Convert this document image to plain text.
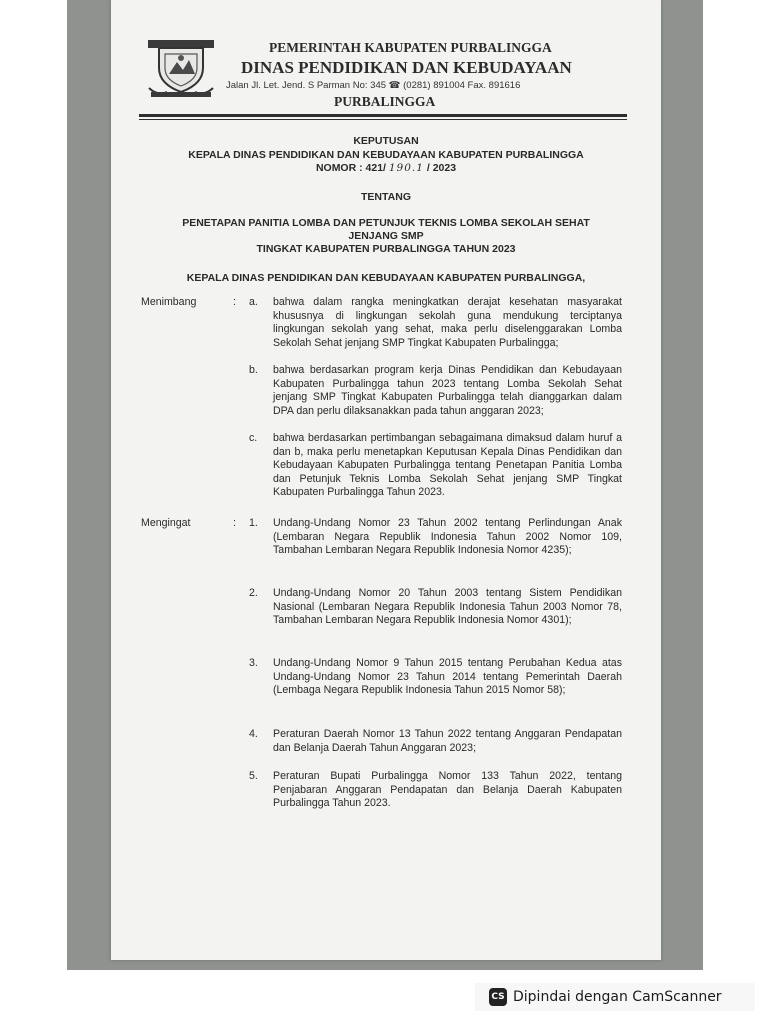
PEMERINTAH KABUPATEN PURBALINGGA
DINAS PENDIDIKAN DAN KEBUDAYAAN
Jalan Jl. Let. Jend. S Parman No: 345 ☎ (0281) 891004 Fax. 891616
PURBALINGGA
KEPUTUSAN
KEPALA DINAS PENDIDIKAN DAN KEBUDAYAAN KABUPATEN PURBALINGGA
NOMOR : 421/ 190.1 / 2023
TENTANG
PENETAPAN PANITIA LOMBA DAN PETUNJUK TEKNIS LOMBA SEKOLAH SEHAT
JENJANG SMP
TINGKAT KABUPATEN PURBALINGGA TAHUN 2023
KEPALA DINAS PENDIDIKAN DAN KEBUDAYAAN KABUPATEN PURBALINGGA,
Menimbang	: a. bahwa dalam rangka meningkatkan derajat kesehatan masyarakat khususnya di lingkungan sekolah guna mendukung terciptanya lingkungan sekolah yang sehat, maka perlu diselenggarakan Lomba Sekolah Sehat jenjang SMP Tingkat Kabupaten Purbalingga;
b. bahwa berdasarkan program kerja Dinas Pendidikan dan Kebudayaan Kabupaten Purbalingga tahun 2023 tentang Lomba Sekolah Sehat jenjang SMP Tingkat Kabupaten Purbalingga telah dianggarkan dalam DPA dan perlu dilaksanakkan pada tahun anggaran 2023;
c. bahwa berdasarkan pertimbangan sebagaimana dimaksud dalam huruf a dan b, maka perlu menetapkan Keputusan Kepala Dinas Pendidikan dan Kebudayaan Kabupaten Purbalingga tentang Penetapan Panitia Lomba dan Petunjuk Teknis Lomba Sekolah Sehat jenjang SMP Tingkat Kabupaten Purbalingga Tahun 2023.
Mengingat	: 1. Undang-Undang Nomor 23 Tahun 2002 tentang Perlindungan Anak (Lembaran Negara Republik Indonesia Tahun 2002 Nomor 109, Tambahan Lembaran Negara Republik Indonesia Nomor 4235);
2. Undang-Undang Nomor 20 Tahun 2003 tentang Sistem Pendidikan Nasional (Lembaran Negara Republik Indonesia Tahun 2003 Nomor 78, Tambahan Lembaran Negara Republik Indonesia Nomor 4301);
3. Undang-Undang Nomor 9 Tahun 2015 tentang Perubahan Kedua atas Undang-Undang Nomor 23 Tahun 2014 tentang Pemerintah Daerah (Lembaga Negara Republik Indonesia Tahun 2015 Nomor 58);
4. Peraturan Daerah Nomor 13 Tahun 2022 tentang Anggaran Pendapatan dan Belanja Daerah Tahun Anggaran 2023;
5. Peraturan Bupati Purbalingga Nomor 133 Tahun 2022, tentang Penjabaran Anggaran Pendapatan dan Belanja Daerah Kabupaten Purbalingga Tahun 2023.
CS Dipindai dengan CamScanner
